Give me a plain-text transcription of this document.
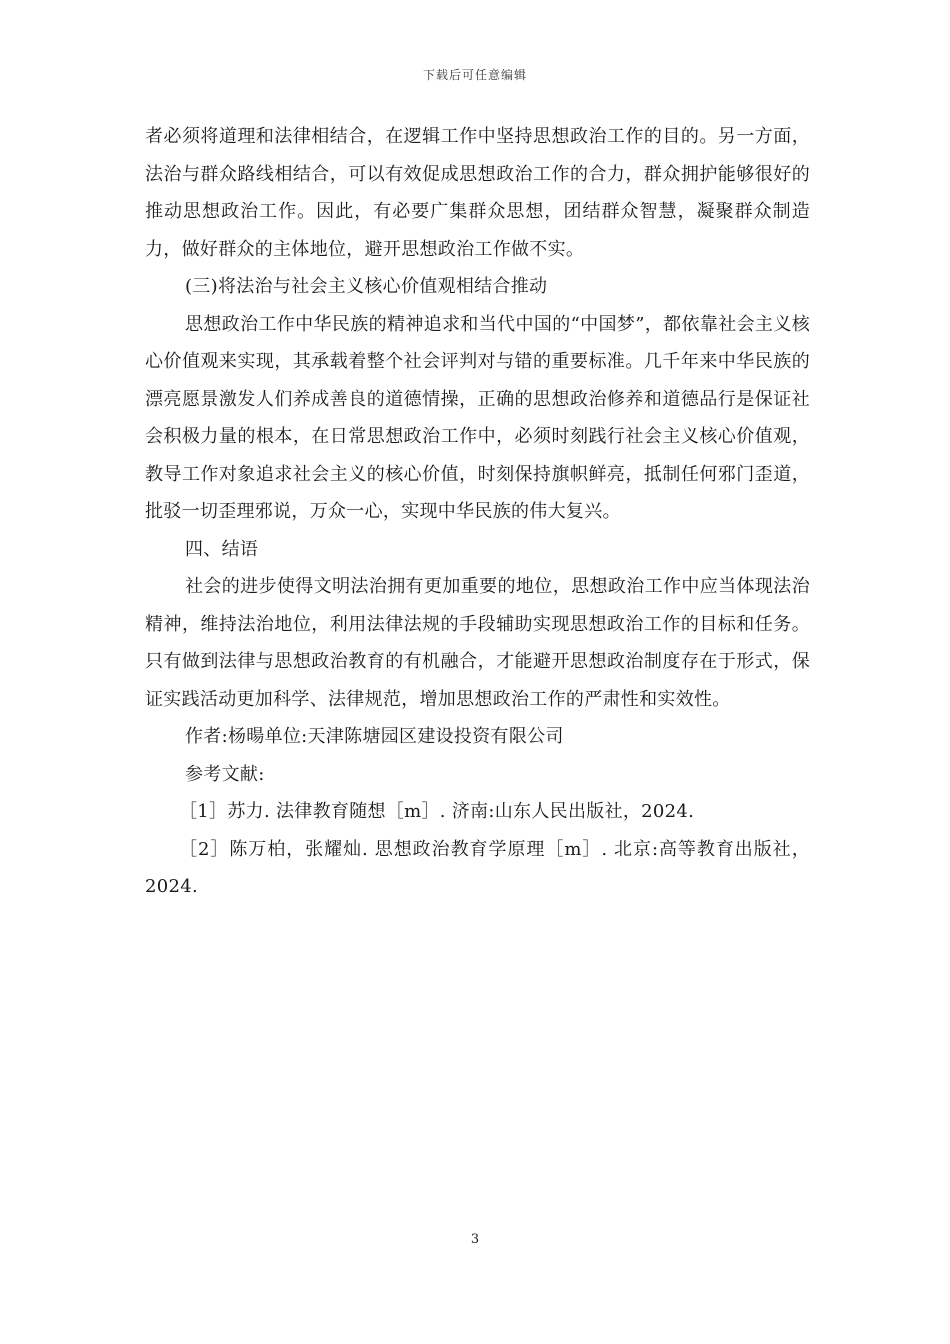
下载后可任意编辑

者必须将道理和法律相结合，在逻辑工作中坚持思想政治工作的目的。另一方面，法治与群众路线相结合，可以有效促成思想政治工作的合力，群众拥护能够很好的推动思想政治工作。因此，有必要广集群众思想，团结群众智慧，凝聚群众制造力，做好群众的主体地位，避开思想政治工作做不实。

(三)将法治与社会主义核心价值观相结合推动

思想政治工作中华民族的精神追求和当代中国的“中国梦”，都依靠社会主义核心价值观来实现，其承载着整个社会评判对与错的重要标准。几千年来中华民族的漂亮愿景激发人们养成善良的道德情操，正确的思想政治修养和道德品行是保证社会积极力量的根本，在日常思想政治工作中，必须时刻践行社会主义核心价值观，教导工作对象追求社会主义的核心价值，时刻保持旗帜鲜亮，抵制任何邪门歪道，批驳一切歪理邪说，万众一心，实现中华民族的伟大复兴。

四、结语

社会的进步使得文明法治拥有更加重要的地位，思想政治工作中应当体现法治精神，维持法治地位，利用法律法规的手段辅助实现思想政治工作的目标和任务。只有做到法律与思想政治教育的有机融合，才能避开思想政治制度存在于形式，保证实践活动更加科学、法律规范，增加思想政治工作的严肃性和实效性。

作者:杨暘单位:天津陈塘园区建设投资有限公司

参考文献:

［1］苏力. 法律教育随想［m］. 济南:山东人民出版社，2024.

［2］陈万柏，张耀灿. 思想政治教育学原理［m］. 北京:高等教育出版社，2024.

3
